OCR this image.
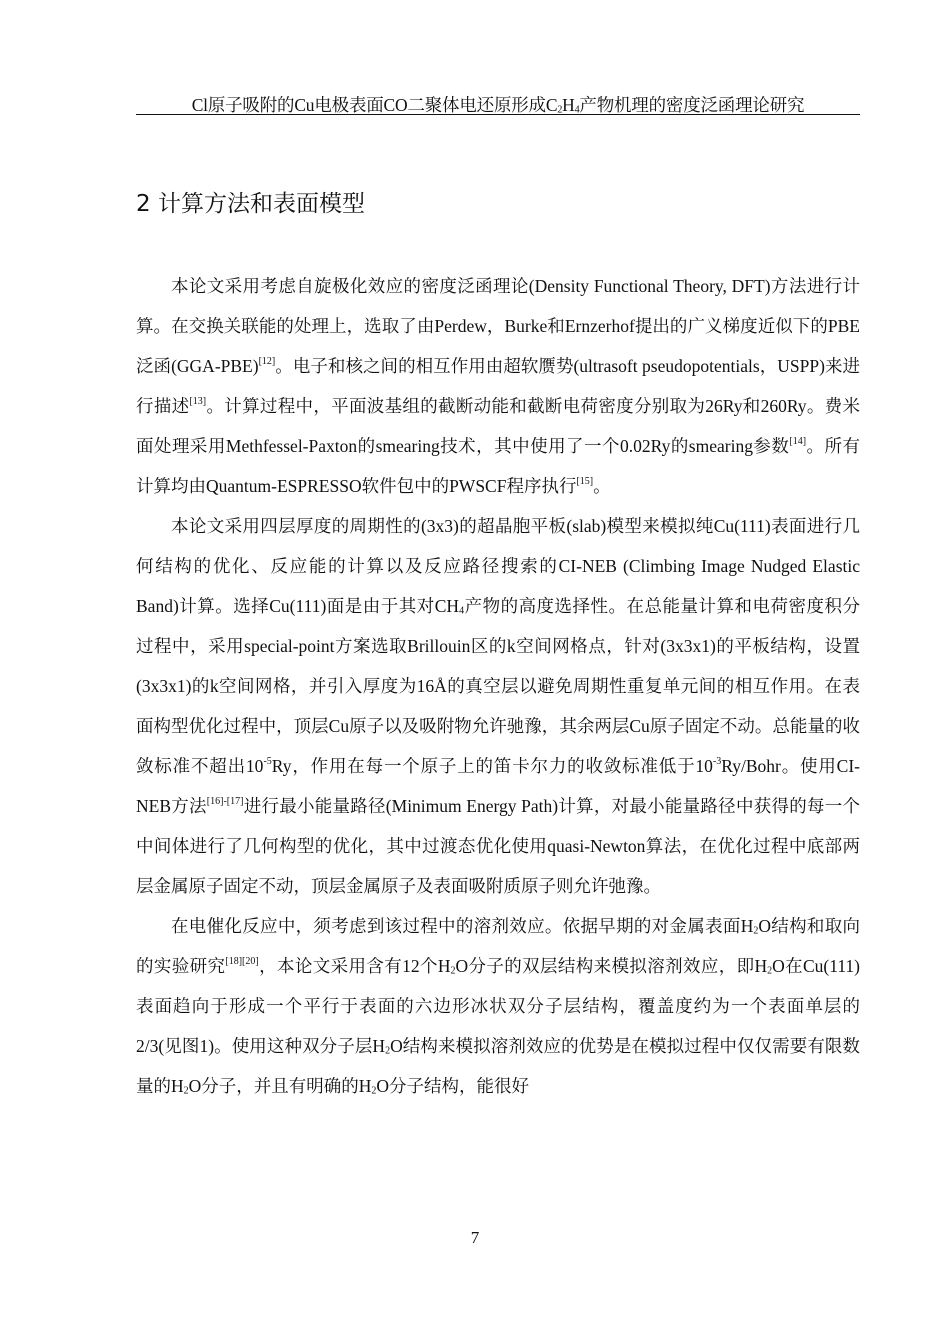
Cl原子吸附的Cu电极表面CO二聚体电还原形成$C_2H_4$产物机理的密度泛函理论研究
2 计算方法和表面模型

本论文采用考虑自旋极化效应的密度泛函理论(Density Functional Theory, DFT)方法进行计算。在交换关联能的处理上，选取了由Perdew，Burke和Ernzerhof提出的广义梯度近似下的PBE泛函(GGA-PBE)[12]。电子和核之间的相互作用由超软赝势(ultrasoft pseudopotentials，USPP)来进行描述[13]。计算过程中，平面波基组的截断动能和截断电荷密度分别取为26Ry和260Ry。费米面处理采用Methfessel-Paxton的smearing技术，其中使用了一个0.02Ry的smearing参数[14]。所有计算均由Quantum-ESPRESSO软件包中的PWSCF程序执行[15]。

本论文采用四层厚度的周期性的(3x3)的超晶胞平板(slab)模型来模拟纯Cu(111)表面进行几何结构的优化、反应能的计算以及反应路径搜索的CI-NEB (Climbing Image Nudged Elastic Band)计算。选择Cu(111)面是由于其对$CH_4$产物的高度选择性。在总能量计算和电荷密度积分过程中，采用special-point方案选取Brillouin区的k空间网格点，针对(3x3x1)的平板结构，设置(3x3x1)的k空间网格，并引入厚度为16Å的真空层以避免周期性重复单元间的相互作用。在表面构型优化过程中，顶层Cu原子以及吸附物允许驰豫，其余两层Cu原子固定不动。总能量的收敛标准不超出$10^{-5}Ry$，作用在每一个原子上的笛卡尔力的收敛标准低于$10^{-3}Ry$/Bohr。使用CI-NEB方法[16]-[17]进行最小能量路径(Minimum Energy Path)计算，对最小能量路径中获得的每一个中间体进行了几何构型的优化，其中过渡态优化使用quasi-Newton算法，在优化过程中底部两层金属原子固定不动，顶层金属原子及表面吸附质原子则允许弛豫。

在电催化反应中，须考虑到该过程中的溶剂效应。依据早期的对金属表面$H_2O$结构和取向的实验研究[18][20]，本论文采用含有12个$H_2O$分子的双层结构来模拟溶剂效应，即$H_2O$在Cu(111)表面趋向于形成一个平行于表面的六边形冰状双分子层结构，覆盖度约为一个表面单层的2/3(见图1)。使用这种双分子层$H_2O$结构来模拟溶剂效应的优势是在模拟过程中仅仅需要有限数量的$H_2O$分子，并且有明确的$H_2O$分子结构，能很好

7
